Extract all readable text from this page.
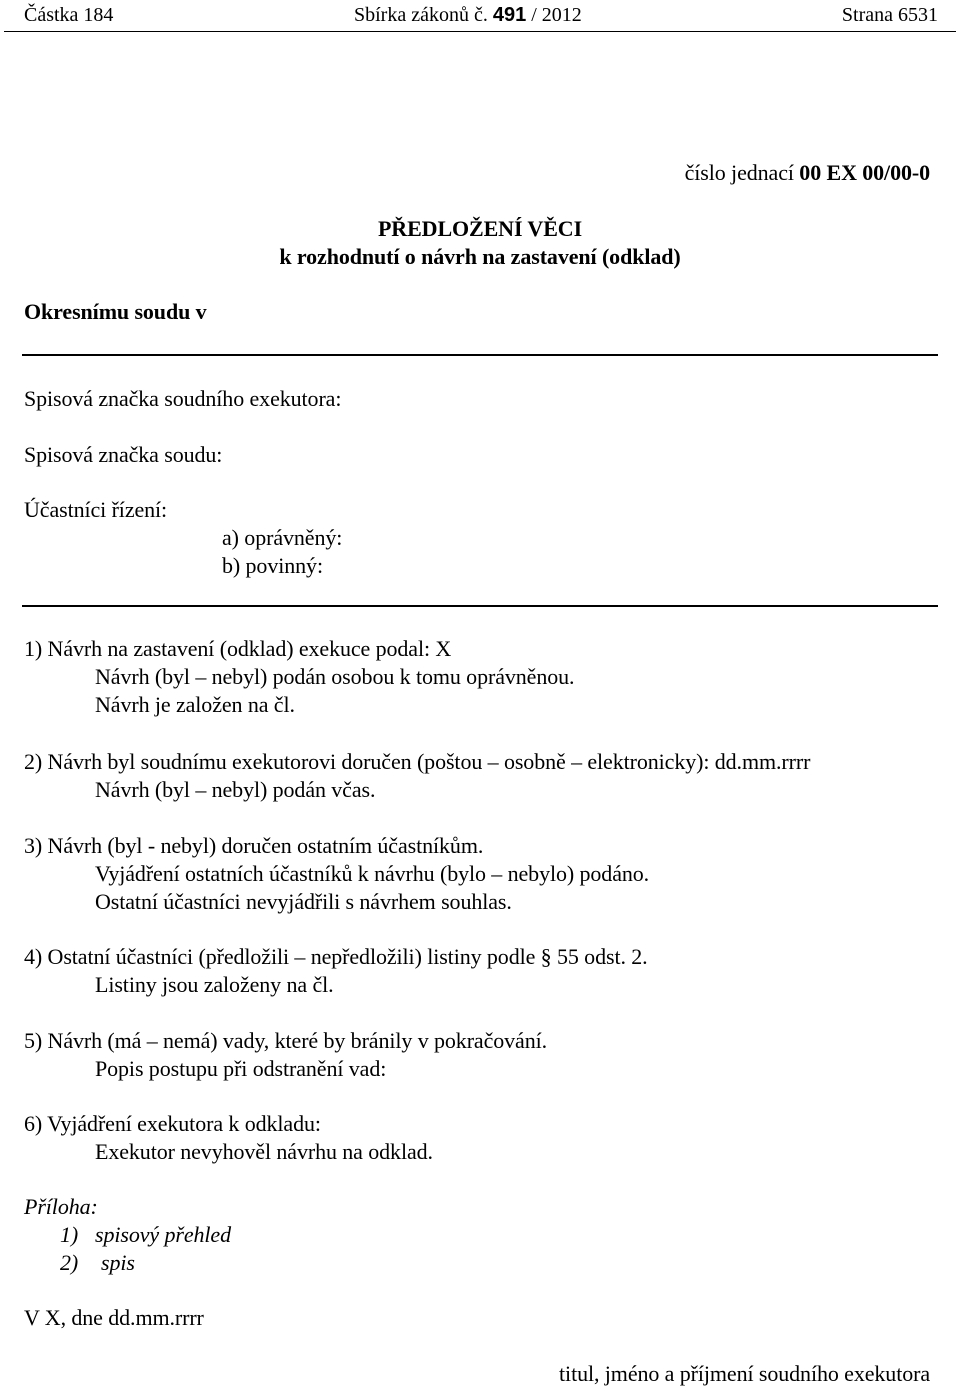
Částka 184	Sbírka zákonů č. 491 / 2012	Strana 6531
číslo jednací 00 EX 00/00-0
PŘEDLOŽENÍ VĚCI
k rozhodnutí o návrh na zastavení (odklad)
Okresnímu soudu v
Spisová značka soudního exekutora:
Spisová značka soudu:
Účastníci řízení:
a) oprávněný:
b) povinný:
1) Návrh na zastavení (odklad) exekuce podal: X
Návrh (byl – nebyl) podán osobou k tomu oprávněnou.
Návrh je založen na čl.
2) Návrh byl soudnímu exekutorovi doručen (poštou – osobně – elektronicky): dd.mm.rrrr
Návrh (byl – nebyl) podán včas.
3) Návrh (byl - nebyl) doručen ostatním účastníkům.
Vyjádření ostatních účastníků k návrhu (bylo – nebylo) podáno.
Ostatní účastníci nevyjádřili s návrhem souhlas.
4) Ostatní účastníci (předložili – nepředložili) listiny podle § 55 odst. 2.
Listiny jsou založeny na čl.
5) Návrh (má – nemá) vady, které by bránily v pokračování.
Popis postupu při odstranění vad:
6) Vyjádření exekutora k odkladu:
Exekutor nevyhověl návrhu na odklad.
Příloha:
1) spisový přehled
2) spis
V X, dne dd.mm.rrrr
titul, jméno a příjmení soudního exekutora
